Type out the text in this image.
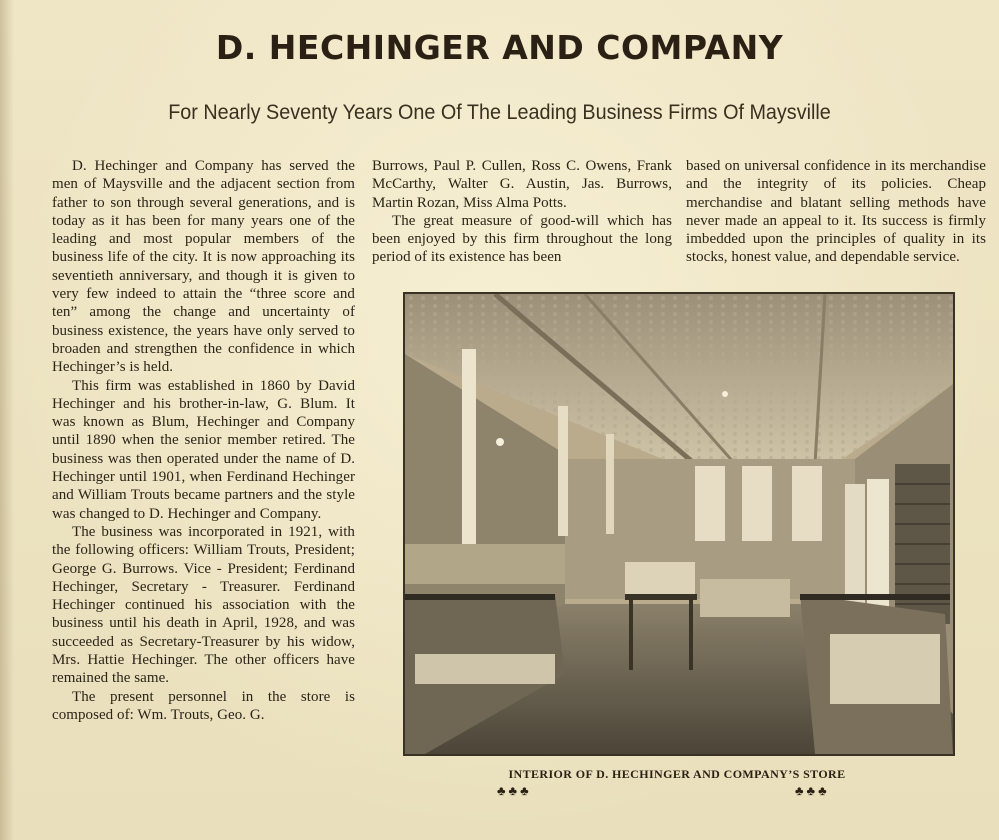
D. HECHINGER AND COMPANY
For Nearly Seventy Years One Of The Leading Business Firms Of Maysville

D. Hechinger and Company has served the men of Maysville and the adjacent section from father to son through several generations, and is today as it has been for many years one of the leading and most popular members of the business life of the city. It is now approaching its seventieth anniversary, and though it is given to very few indeed to attain the “three score and ten” among the change and uncertainty of business existence, the years have only served to broaden and strengthen the confidence in which Hechinger’s is held.

This firm was established in 1860 by David Hechinger and his brother-in-law, G. Blum. It was known as Blum, Hechinger and Company until 1890 when the senior member retired. The business was then operated under the name of D. Hechinger until 1901, when Ferdinand Hechinger and William Trouts became partners and the style was changed to D. Hechinger and Company.

The business was incorporated in 1921, with the following officers: William Trouts, President; George G. Burrows. Vice - President; Ferdinand Hechinger, Secretary - Treasurer. Ferdinand Hechinger continued his association with the business until his death in April, 1928, and was succeeded as Secretary-Treasurer by his widow, Mrs. Hattie Hechinger. The other officers have remained the same.

The present personnel in the store is composed of: Wm. Trouts, Geo. G.

Burrows, Paul P. Cullen, Ross C. Owens, Frank McCarthy, Walter G. Austin, Jas. Burrows, Martin Rozan, Miss Alma Potts.

The great measure of good-will which has been enjoyed by this firm throughout the long period of its existence has been

based on universal confidence in its merchandise and the integrity of its policies. Cheap merchandise and blatant selling methods have never made an appeal to it. Its success is firmly imbedded upon the principles of quality in its stocks, honest value, and dependable service.

INTERIOR OF D. HECHINGER AND COMPANY’S STORE
♣♣♣	♣♣♣
